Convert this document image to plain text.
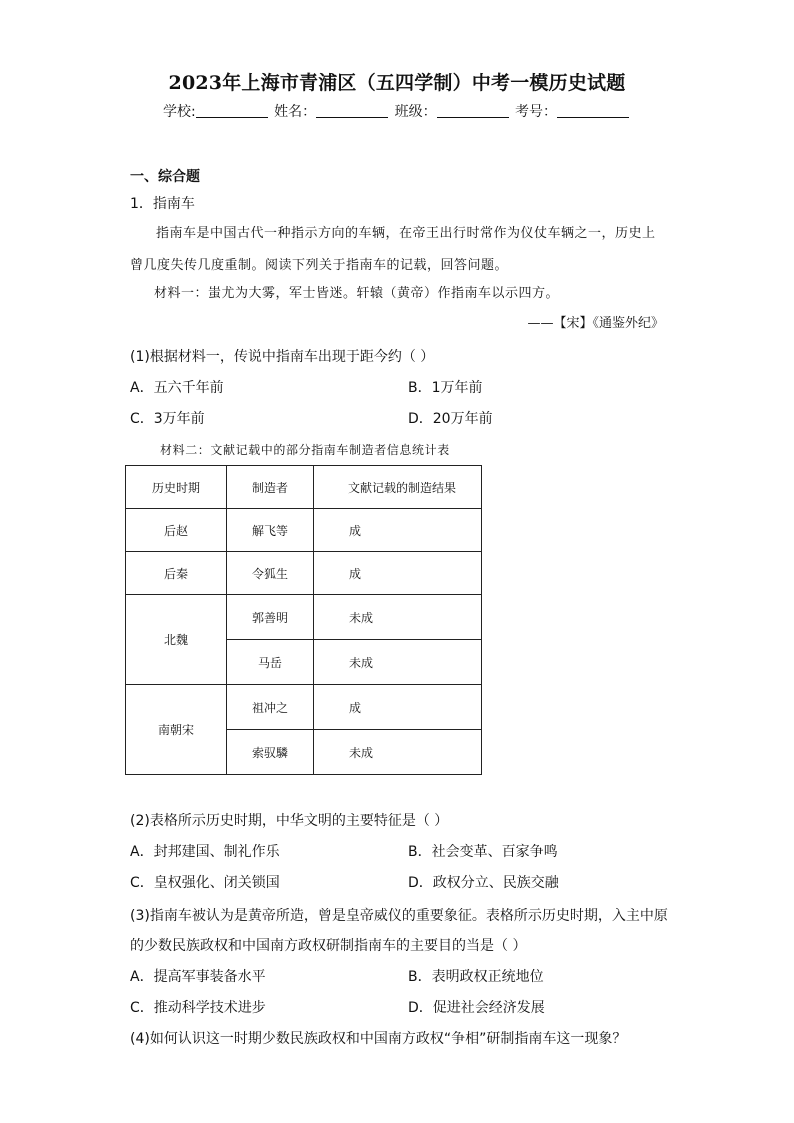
2023年上海市青浦区（五四学制）中考一模历史试题
学校:	姓名：	班级：	考号：
一、综合题
1．指南车
指南车是中国古代一种指示方向的车辆，在帝王出行时常作为仪仗车辆之一，历史上曾几度失传几度重制。阅读下列关于指南车的记载，回答问题。
材料一：蚩尤为大雾，军士皆迷。轩辕（黄帝）作指南车以示四方。
——【宋】《通鉴外纪》
(1)根据材料一，传说中指南车出现于距今约（ ）
A．五六千年前	B．1万年前
C．3万年前	D．20万年前
材料二：文献记载中的部分指南车制造者信息统计表
历史时期	制造者	文献记载的制造结果
后赵	解飞等	成
后秦	令狐生	成
北魏	郭善明	未成
	马岳	未成
南朝宋	祖冲之	成
	索驭驎	未成
(2)表格所示历史时期，中华文明的主要特征是（ ）
A．封邦建国、制礼作乐	B．社会变革、百家争鸣
C．皇权强化、闭关锁国	D．政权分立、民族交融
(3)指南车被认为是黄帝所造，曾是皇帝威仪的重要象征。表格所示历史时期，入主中原
的少数民族政权和中国南方政权研制指南车的主要目的当是（ ）
A．提高军事装备水平	B．表明政权正统地位
C．推动科学技术进步	D．促进社会经济发展
(4)如何认识这一时期少数民族政权和中国南方政权“争相”研制指南车这一现象？
